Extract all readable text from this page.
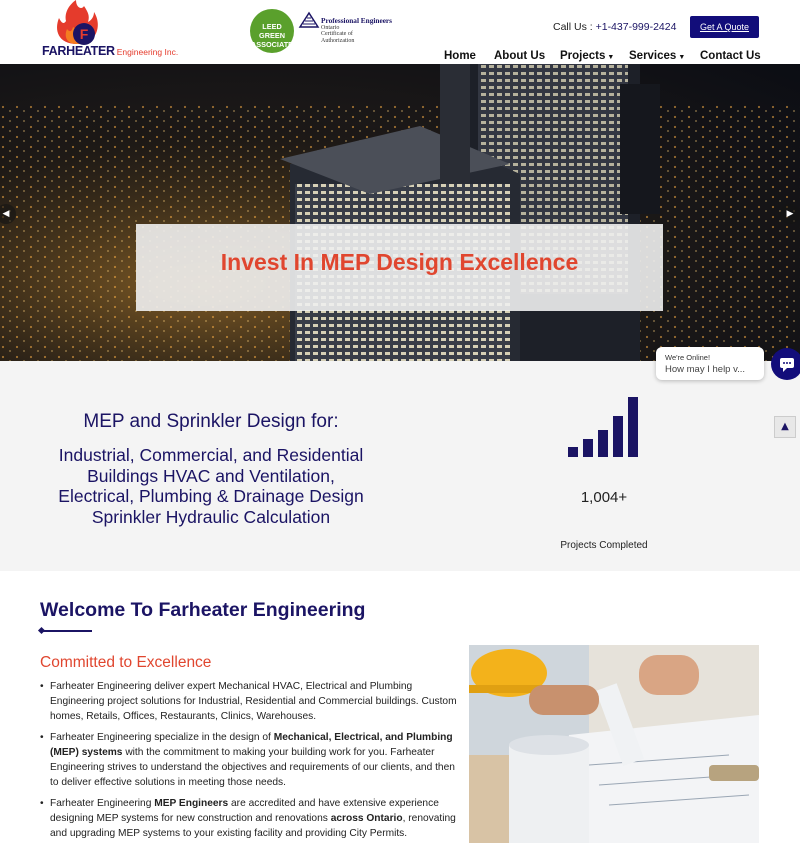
F
FARHEATER Engineering Inc.
LEED GREEN ASSOCIATE
Professional Engineers
Ontario
Certificate of
Authorization
Call Us : +1-437-999-2424	Get A Quote
Home About Us Projects ▼ Services ▼ Contact Us
Invest In MEP Design Excellence
◀	▶
MEP and Sprinkler Design for:
Industrial, Commercial, and Residential
Buildings HVAC and Ventilation,
Electrical, Plumbing & Drainage Design
Sprinkler Hydraulic Calculation
1,004+
Projects Completed
We're Online!
How may I help v...
▲
Welcome To Farheater Engineering
Committed to Excellence
• Farheater Engineering deliver expert Mechanical HVAC, Electrical and Plumbing Engineering project solutions for Industrial, Residential and Commercial buildings. Custom homes, Retails, Offices, Restaurants, Clinics, Warehouses.
• Farheater Engineering specialize in the design of Mechanical, Electrical, and Plumbing (MEP) systems with the commitment to making your building work for you. Farheater Engineering strives to understand the objectives and requirements of our clients, and then to deliver effective solutions in meeting those needs.
• Farheater Engineering MEP Engineers are accredited and have extensive experience designing MEP systems for new construction and renovations across Ontario, renovating and upgrading MEP systems to your existing facility and providing City Permits.
